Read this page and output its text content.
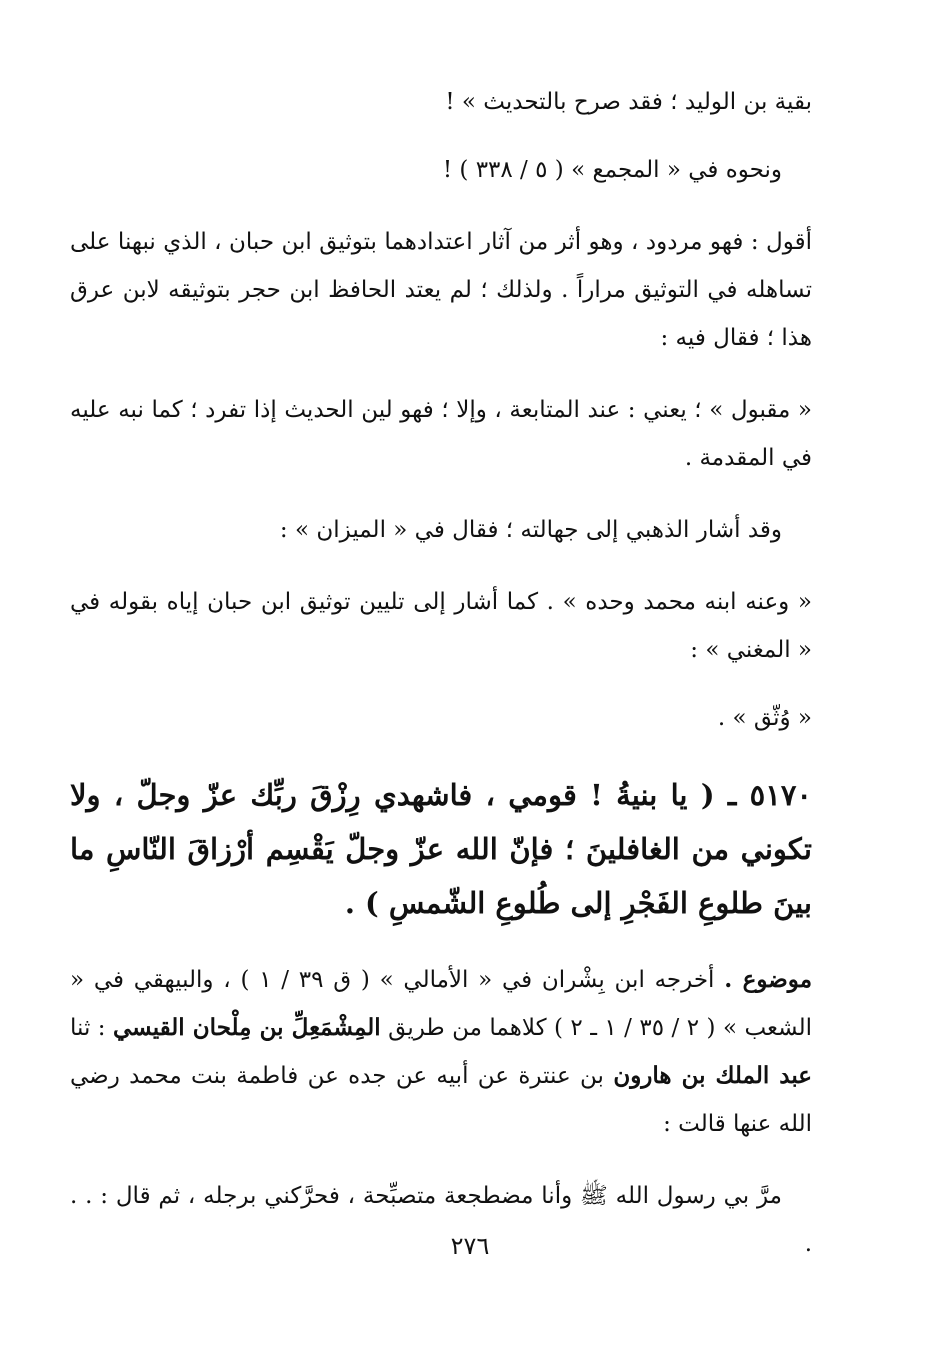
بقية بن الوليد ؛ فقد صرح بالتحديث » !

ونحوه في « المجمع » ( ٥ / ٣٣٨ ) !

أقول : فهو مردود ، وهو أثر من آثار اعتدادهما بتوثيق ابن حبان ، الذي نبهنا على تساهله في التوثيق مراراً . ولذلك ؛ لم يعتد الحافظ ابن حجر بتوثيقه لابن عرق هذا ؛ فقال فيه :

« مقبول » ؛ يعني : عند المتابعة ، وإلا ؛ فهو لين الحديث إذا تفرد ؛ كما نبه عليه في المقدمة .

وقد أشار الذهبي إلى جهالته ؛ فقال في « الميزان » :

« وعنه ابنه محمد وحده » . كما أشار إلى تليين توثيق ابن حبان إياه بقوله في « المغني » :

« وُثّق » .

٥١٧٠ ـ ( يا بنيةُ ! قومي ، فاشهدي رِزْقَ ربِّك عزّ وجلّ ، ولا تكوني من الغافلينَ ؛ فإنّ الله عزّ وجلّ يَقْسِم أرْزاقَ النّاسِ ما بينَ طلوعِ الفَجْرِ إلى طُلوعِ الشّمسِ ) .

موضوع . أخرجه ابن بِشْران في « الأمالي » ( ق ٣٩ / ١ ) ، والبيهقي في « الشعب » ( ٢ / ٣٥ / ١ ـ ٢ ) كلاهما من طريق المِشْمَعِلِّ بن مِلْحان القيسي : ثنا عبد الملك بن هارون بن عنترة عن أبيه عن جده عن فاطمة بنت محمد رضي الله عنها قالت :

مرَّ بي رسول الله ﷺ وأنا مضطجعة متصبِّحة ، فحرَّكني برجله ، ثم قال : . . .

٢٧٦
